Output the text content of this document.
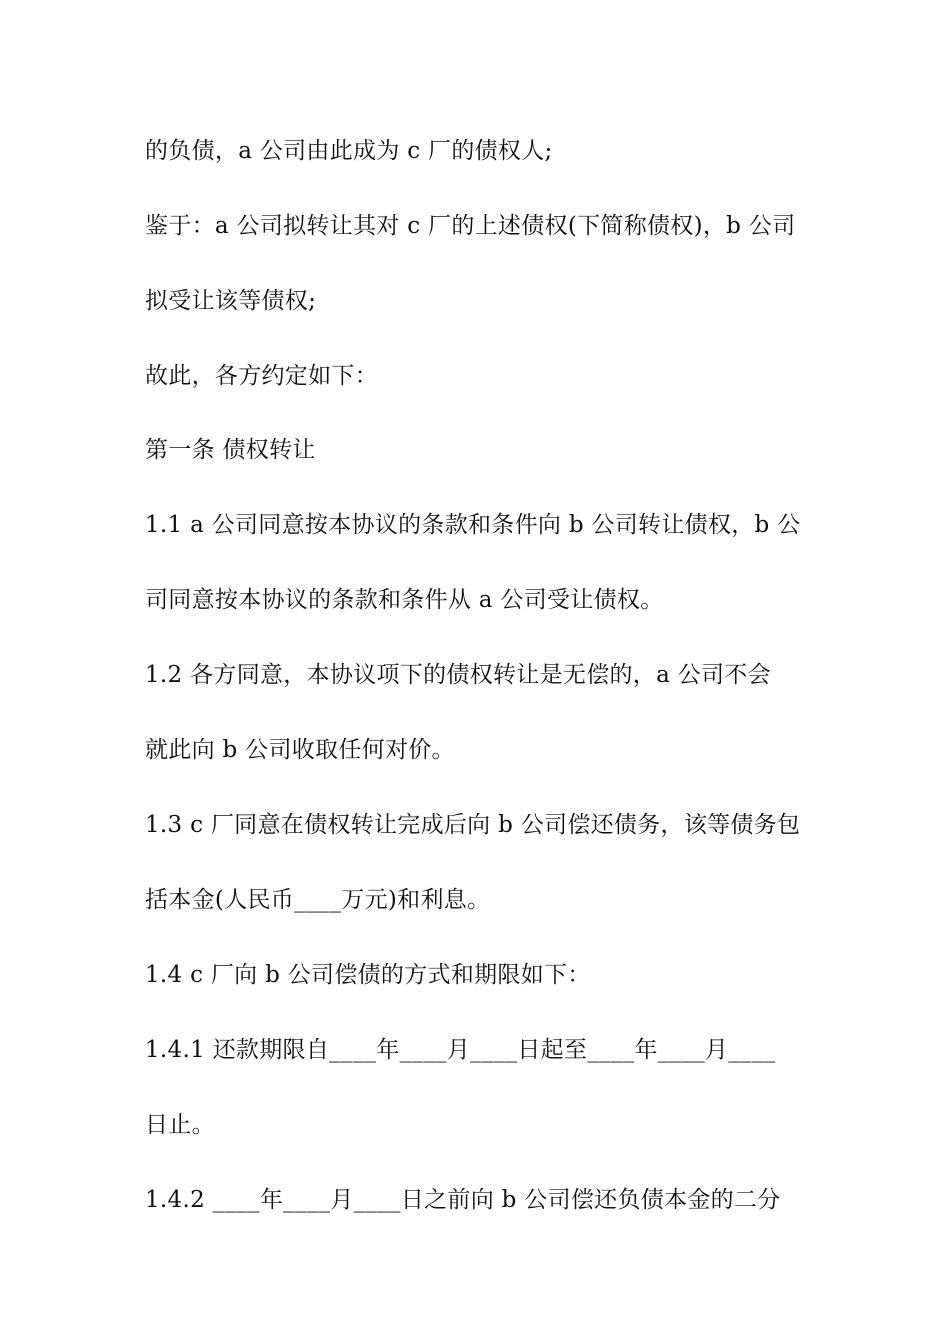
的负债，a 公司由此成为 c 厂的债权人;
鉴于：a 公司拟转让其对 c 厂的上述债权(下简称债权)，b 公司
拟受让该等债权;
故此，各方约定如下：
第一条 债权转让
1.1 a 公司同意按本协议的条款和条件向 b 公司转让债权，b 公
司同意按本协议的条款和条件从 a 公司受让债权。
1.2 各方同意，本协议项下的债权转让是无偿的，a 公司不会
就此向 b 公司收取任何对价。
1.3 c 厂同意在债权转让完成后向 b 公司偿还债务，该等债务包
括本金(人民币____万元)和利息。
1.4 c 厂向 b 公司偿债的方式和期限如下：
1.4.1 还款期限自____年____月____日起至____年____月____
日止。
1.4.2 ____年____月____日之前向 b 公司偿还负债本金的二分
